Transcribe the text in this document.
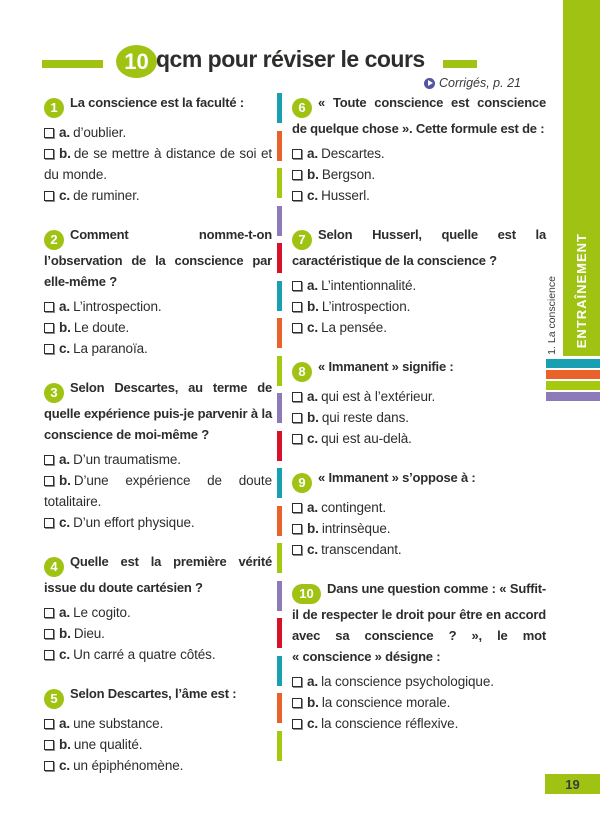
10 qcm pour réviser le cours
Corrigés, p. 21

1 La conscience est la faculté :

a. d’oublier.

b. de se mettre à distance de soi et du monde.

c. de ruminer.

2 Comment nomme-t-on l’observation de la conscience par elle-même ?

a. L’introspection.

b. Le doute.

c. La paranoïa.

3 Selon Descartes, au terme de quelle expérience puis-je parvenir à la conscience de moi-même ?

a. D’un traumatisme.

b. D’une expérience de doute totalitaire.

c. D’un effort physique.

4 Quelle est la première vérité issue du doute cartésien ?

a. Le cogito.

b. Dieu.

c. Un carré a quatre côtés.

5 Selon Descartes, l’âme est :

a. une substance.

b. une qualité.

c. un épiphénomène.

6 « Toute conscience est conscience de quelque chose ». Cette formule est de :

a. Descartes.

b. Bergson.

c. Husserl.

7 Selon Husserl, quelle est la caractéristique de la conscience ?

a. L’intentionnalité.

b. L’introspection.

c. La pensée.

8 « Immanent » signifie :

a. qui est à l’extérieur.

b. qui reste dans.

c. qui est au-delà.

9 « Immanent » s’oppose à :

a. contingent.

b. intrinsèque.

c. transcendant.

10 Dans une question comme : « Suffit-il de respecter le droit pour être en accord avec sa conscience ? », le mot « conscience » désigne :

a. la conscience psychologique.

b. la conscience morale.

c. la conscience réflexive.

ENTRAÎNEMENT
1. La conscience
19
